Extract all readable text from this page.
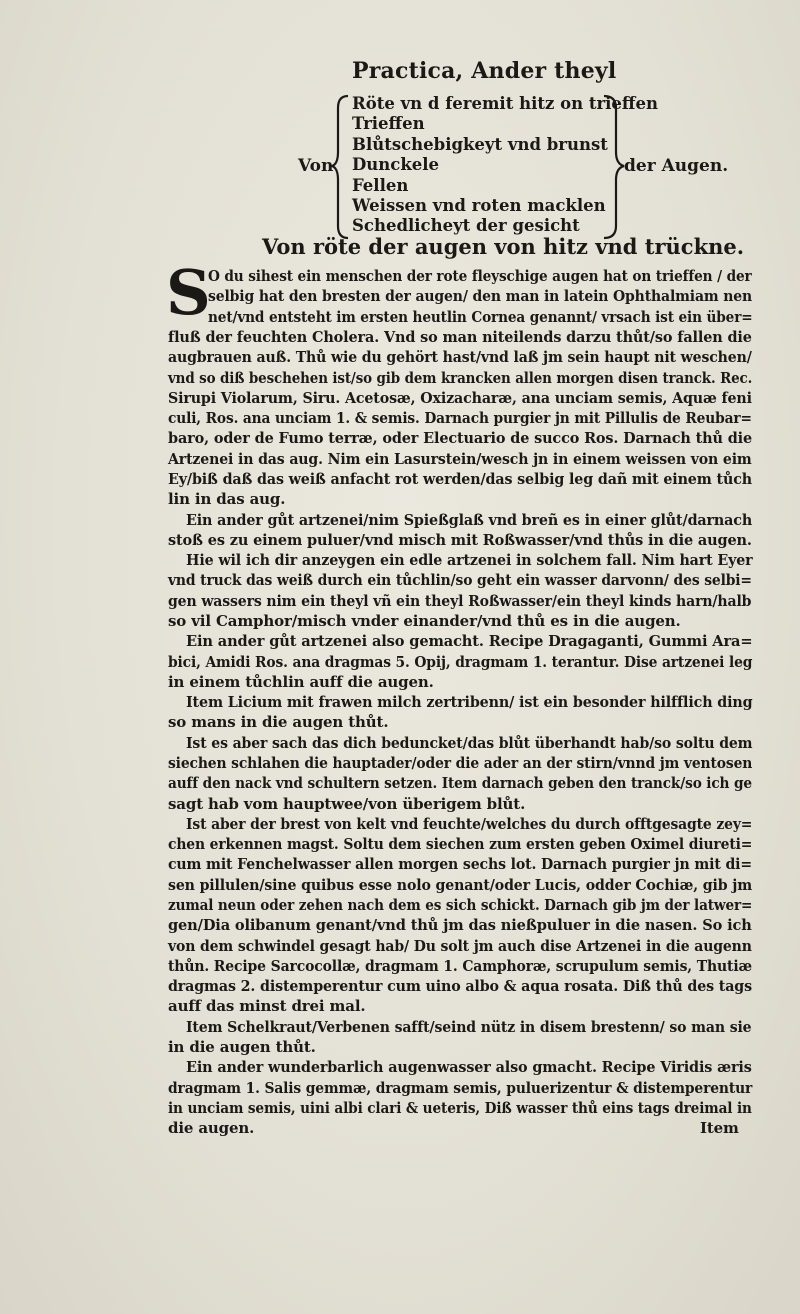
Practica, Ander theyl
Von
Röte vn d feremit hitz on trieffen
Trieffen
Blůtschebigkeyt vnd brunst
Dunckele
Fellen
Weissen vnd roten macklen
Schedlicheyt der gesicht
der Augen.
Von röte der augen von hitz vnd trückne.
S
O du sihest ein menschen der rote fleyschige augen hat on trieffen / der
selbig hat den bresten der augen/ den man in latein Ophthalmiam nen
net/vnd entsteht im ersten heutlin Cornea genannt/ vrsach ist ein über=
fluß der feuchten Cholera. Vnd so man niteilends darzu thůt/so fallen die
augbrauen auß. Thů wie du gehört hast/vnd laß jm sein haupt nit weschen/
vnd so diß beschehen ist/so gib dem krancken allen morgen disen tranck. Rec.
Sirupi Violarum, Siru. Acetosæ, Oxizacharæ, ana unciam semis, Aquæ feni
culi, Ros. ana unciam 1. & semis. Darnach purgier jn mit Pillulis de Reubar=
baro, oder de Fumo terræ, oder Electuario de succo Ros. Darnach thů die
Artzenei in das aug. Nim ein Lasurstein/wesch jn in einem weissen von eim
Ey/biß daß das weiß anfacht rot werden/das selbig leg dañ mit einem tůch
lin in das aug.
Ein ander gůt artzenei/nim Spießglaß vnd breñ es in einer glůt/darnach
stoß es zu einem puluer/vnd misch mit Roßwasser/vnd thůs in die augen.
Hie wil ich dir anzeygen ein edle artzenei in solchem fall. Nim hart Eyer
vnd truck das weiß durch ein tůchlin/so geht ein wasser darvonn/ des selbi=
gen wassers nim ein theyl vñ ein theyl Roßwasser/ein theyl kinds harn/halb
so vil Camphor/misch vnder einander/vnd thů es in die augen.
Ein ander gůt artzenei also gemacht. Recipe Dragaganti, Gummi Ara=
bici, Amidi Ros. ana dragmas 5. Opij, dragmam 1. terantur. Dise artzenei leg
in einem tůchlin auff die augen.
Item Licium mit frawen milch zertribenn/ ist ein besonder hilfflich ding
so mans in die augen thůt.
Ist es aber sach das dich beduncket/das blůt überhandt hab/so soltu dem
siechen schlahen die hauptader/oder die ader an der stirn/vnnd jm ventosen
auff den nack vnd schultern setzen. Item darnach geben den tranck/so ich ge
sagt hab vom hauptwee/von überigem blůt.
Ist aber der brest von kelt vnd feuchte/welches du durch offtgesagte zey=
chen erkennen magst. Soltu dem siechen zum ersten geben Oximel diureti=
cum mit Fenchelwasser allen morgen sechs lot. Darnach purgier jn mit di=
sen pillulen/sine quibus esse nolo genant/oder Lucis, odder Cochiæ, gib jm
zumal neun oder zehen nach dem es sich schickt. Darnach gib jm der latwer=
gen/Dia olibanum genant/vnd thů jm das nießpuluer in die nasen. So ich
von dem schwindel gesagt hab/ Du solt jm auch dise Artzenei in die augenn
thůn. Recipe Sarcocollæ, dragmam 1. Camphoræ, scrupulum semis, Thutiæ
dragmas 2. distemperentur cum uino albo & aqua rosata. Diß thů des tags
auff das minst drei mal.
Item Schelkraut/Verbenen safft/seind nütz in disem brestenn/ so man sie
in die augen thůt.
Ein ander wunderbarlich augenwasser also gmacht. Recipe Viridis æris
dragmam 1. Salis gemmæ, dragmam semis, puluerizentur & distemperentur
in unciam semis, uini albi clari & ueteris, Diß wasser thů eins tags dreimal in
die augen.	Item
